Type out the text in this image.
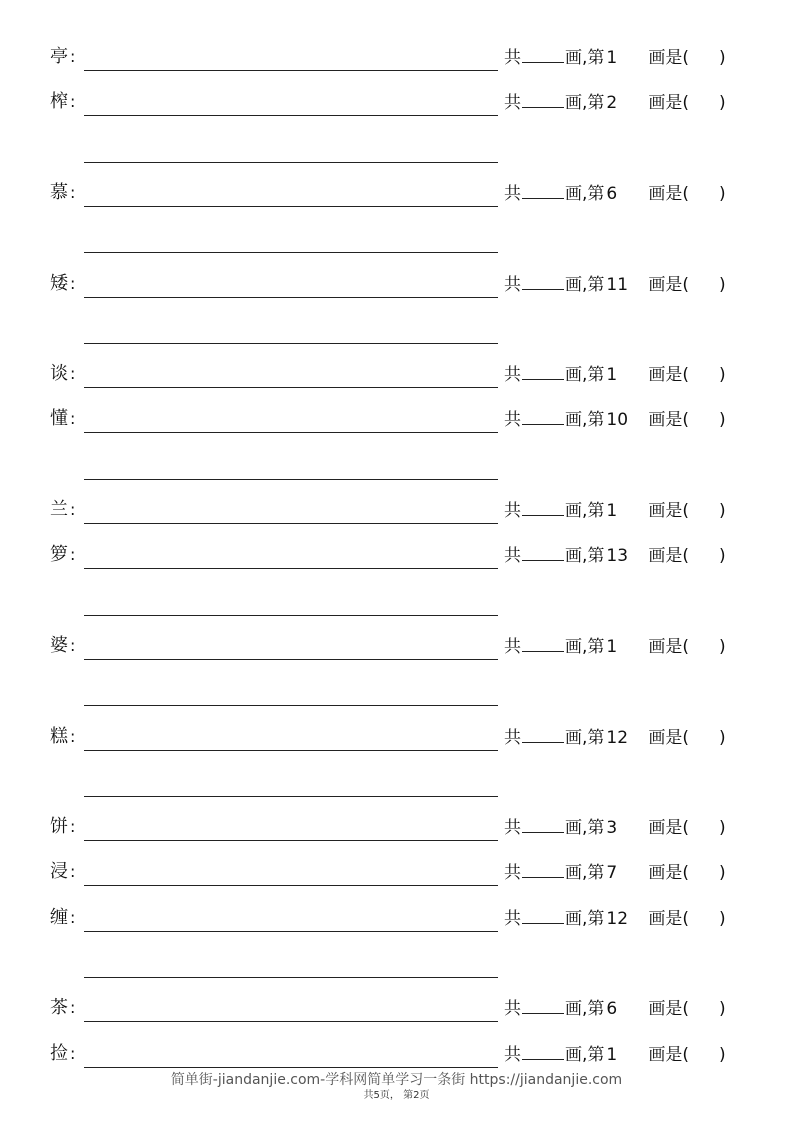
亭 :	共	画,第 1 画是( )
榨 :	共	画,第 2 画是( )
慕 :	共	画,第 6 画是( )
矮 :	共	画,第 11 画是( )
谈 :	共	画,第 1 画是( )
懂 :	共	画,第 10 画是( )
兰 :	共	画,第 1 画是( )
箩 :	共	画,第 13 画是( )
婆 :	共	画,第 1 画是( )
糕 :	共	画,第 12 画是( )
饼 :	共	画,第 3 画是( )
浸 :	共	画,第 7 画是( )
缠 :	共	画,第 12 画是( )
茶 :	共	画,第 6 画是( )
捡 :	共	画,第 1 画是( )
简单街-jiandanjie.com-学科网简单学习一条街 https://jiandanjie.com
共5页， 第2页
